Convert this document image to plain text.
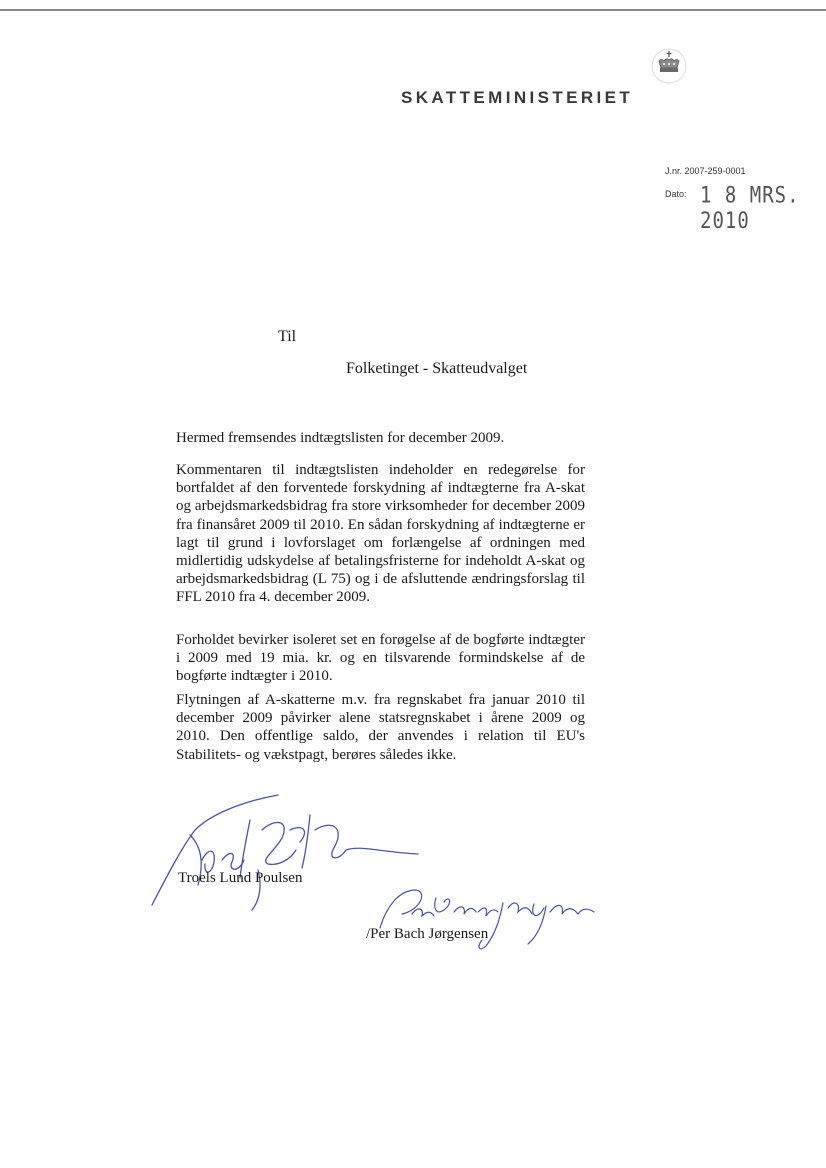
SKATTEMINISTERIET
J.nr. 2007-259-0001
Dato: 1 8 MRS. 2010
Til
Folketinget - Skatteudvalget

Hermed fremsendes indtægtslisten for december 2009.

Kommentaren til indtægtslisten indeholder en redegørelse for bortfaldet af den forventede forskydning af indtægterne fra A-skat og arbejdsmarkedsbidrag fra store virksomheder for december 2009 fra finansåret 2009 til 2010. En sådan forskydning af indtægterne er lagt til grund i lovforslaget om forlængelse af ordningen med midlertidig udskydelse af betalingsfristerne for indeholdt A-skat og arbejdsmarkedsbidrag (L 75) og i de afsluttende ændringsforslag til FFL 2010 fra 4. december 2009.

Forholdet bevirker isoleret set en forøgelse af de bogførte indtægter i 2009 med 19 mia. kr. og en tilsvarende formindskelse af de bogførte indtægter i 2010.

Flytningen af A-skatterne m.v. fra regnskabet fra januar 2010 til december 2009 påvirker alene statsregnskabet i årene 2009 og 2010. Den offentlige saldo, der anvendes i relation til EU's Stabilitets- og vækstpagt, berøres således ikke.

Troels Lund Poulsen
/Per Bach Jørgensen
